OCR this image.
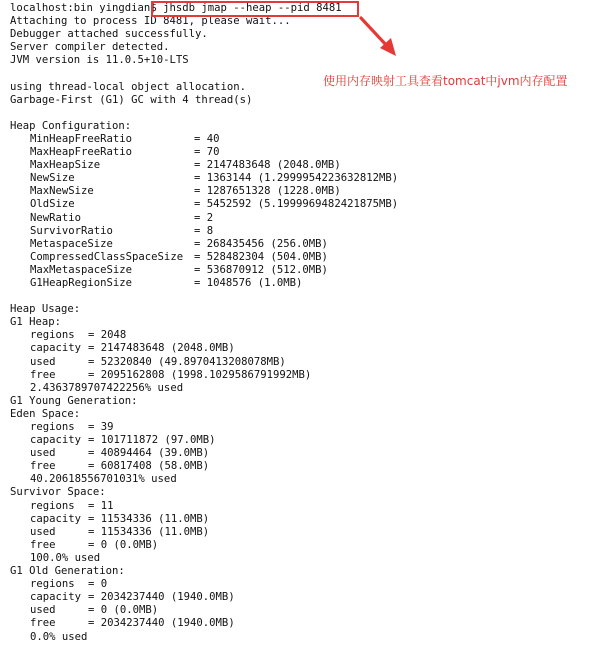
localhost:bin yingdian$ jhsdb jmap --heap --pid 8481
Attaching to process ID 8481, please wait...
Debugger attached successfully.
Server compiler detected.
JVM version is 11.0.5+10-LTS
using thread-local object allocation.
Garbage-First (G1) GC with 4 thread(s)
Heap Configuration:
MinHeapFreeRatio	= 40
MaxHeapFreeRatio	= 70
MaxHeapSize	= 2147483648 (2048.0MB)
NewSize	= 1363144 (1.2999954223632812MB)
MaxNewSize	= 1287651328 (1228.0MB)
OldSize	= 5452592 (5.1999969482421875MB)
NewRatio	= 2
SurvivorRatio	= 8
MetaspaceSize	= 268435456 (256.0MB)
CompressedClassSpaceSize	= 528482304 (504.0MB)
MaxMetaspaceSize	= 536870912 (512.0MB)
G1HeapRegionSize	= 1048576 (1.0MB)
Heap Usage:
G1 Heap:
regions	= 2048
capacity = 2147483648 (2048.0MB)
used	= 52320840 (49.8970413208078MB)
free	= 2095162808 (1998.1029586791992MB)
2.4363789707422256% used
G1 Young Generation:
Eden Space:
regions	= 39
capacity = 101711872 (97.0MB)
used	= 40894464 (39.0MB)
free	= 60817408 (58.0MB)
40.20618556701031% used
Survivor Space:
regions	= 11
capacity = 11534336 (11.0MB)
used	= 11534336 (11.0MB)
free	= 0 (0.0MB)
100.0% used
G1 Old Generation:
regions	= 0
capacity = 2034237440 (1940.0MB)
used	= 0 (0.0MB)
free	= 2034237440 (1940.0MB)
0.0% used
使用内存映射工具查看tomcat中jvm内存配置
